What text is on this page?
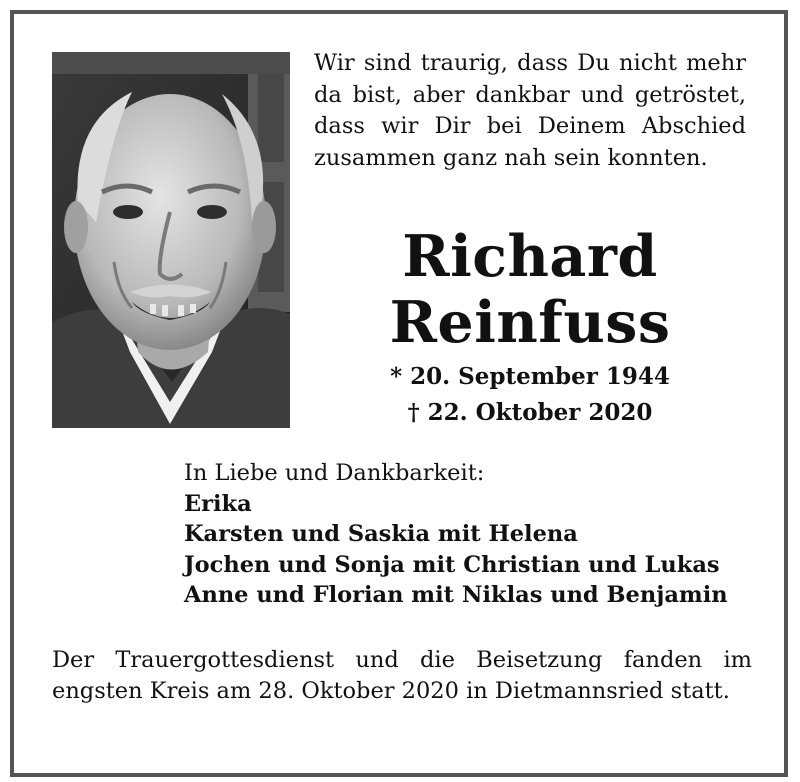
Wir sind traurig, dass Du nicht mehr da bist, aber dankbar und getröstet, dass wir Dir bei Deinem Abschied zusammen ganz nah sein konnten.
Richard
Reinfuss
* 20. September 1944
† 22. Oktober 2020
In Liebe und Dankbarkeit:
Erika
Karsten und Saskia mit Helena
Jochen und Sonja mit Christian und Lukas
Anne und Florian mit Niklas und Benjamin
Der Trauergottesdienst und die Beisetzung fanden im engsten Kreis am 28. Oktober 2020 in Dietmannsried statt.
